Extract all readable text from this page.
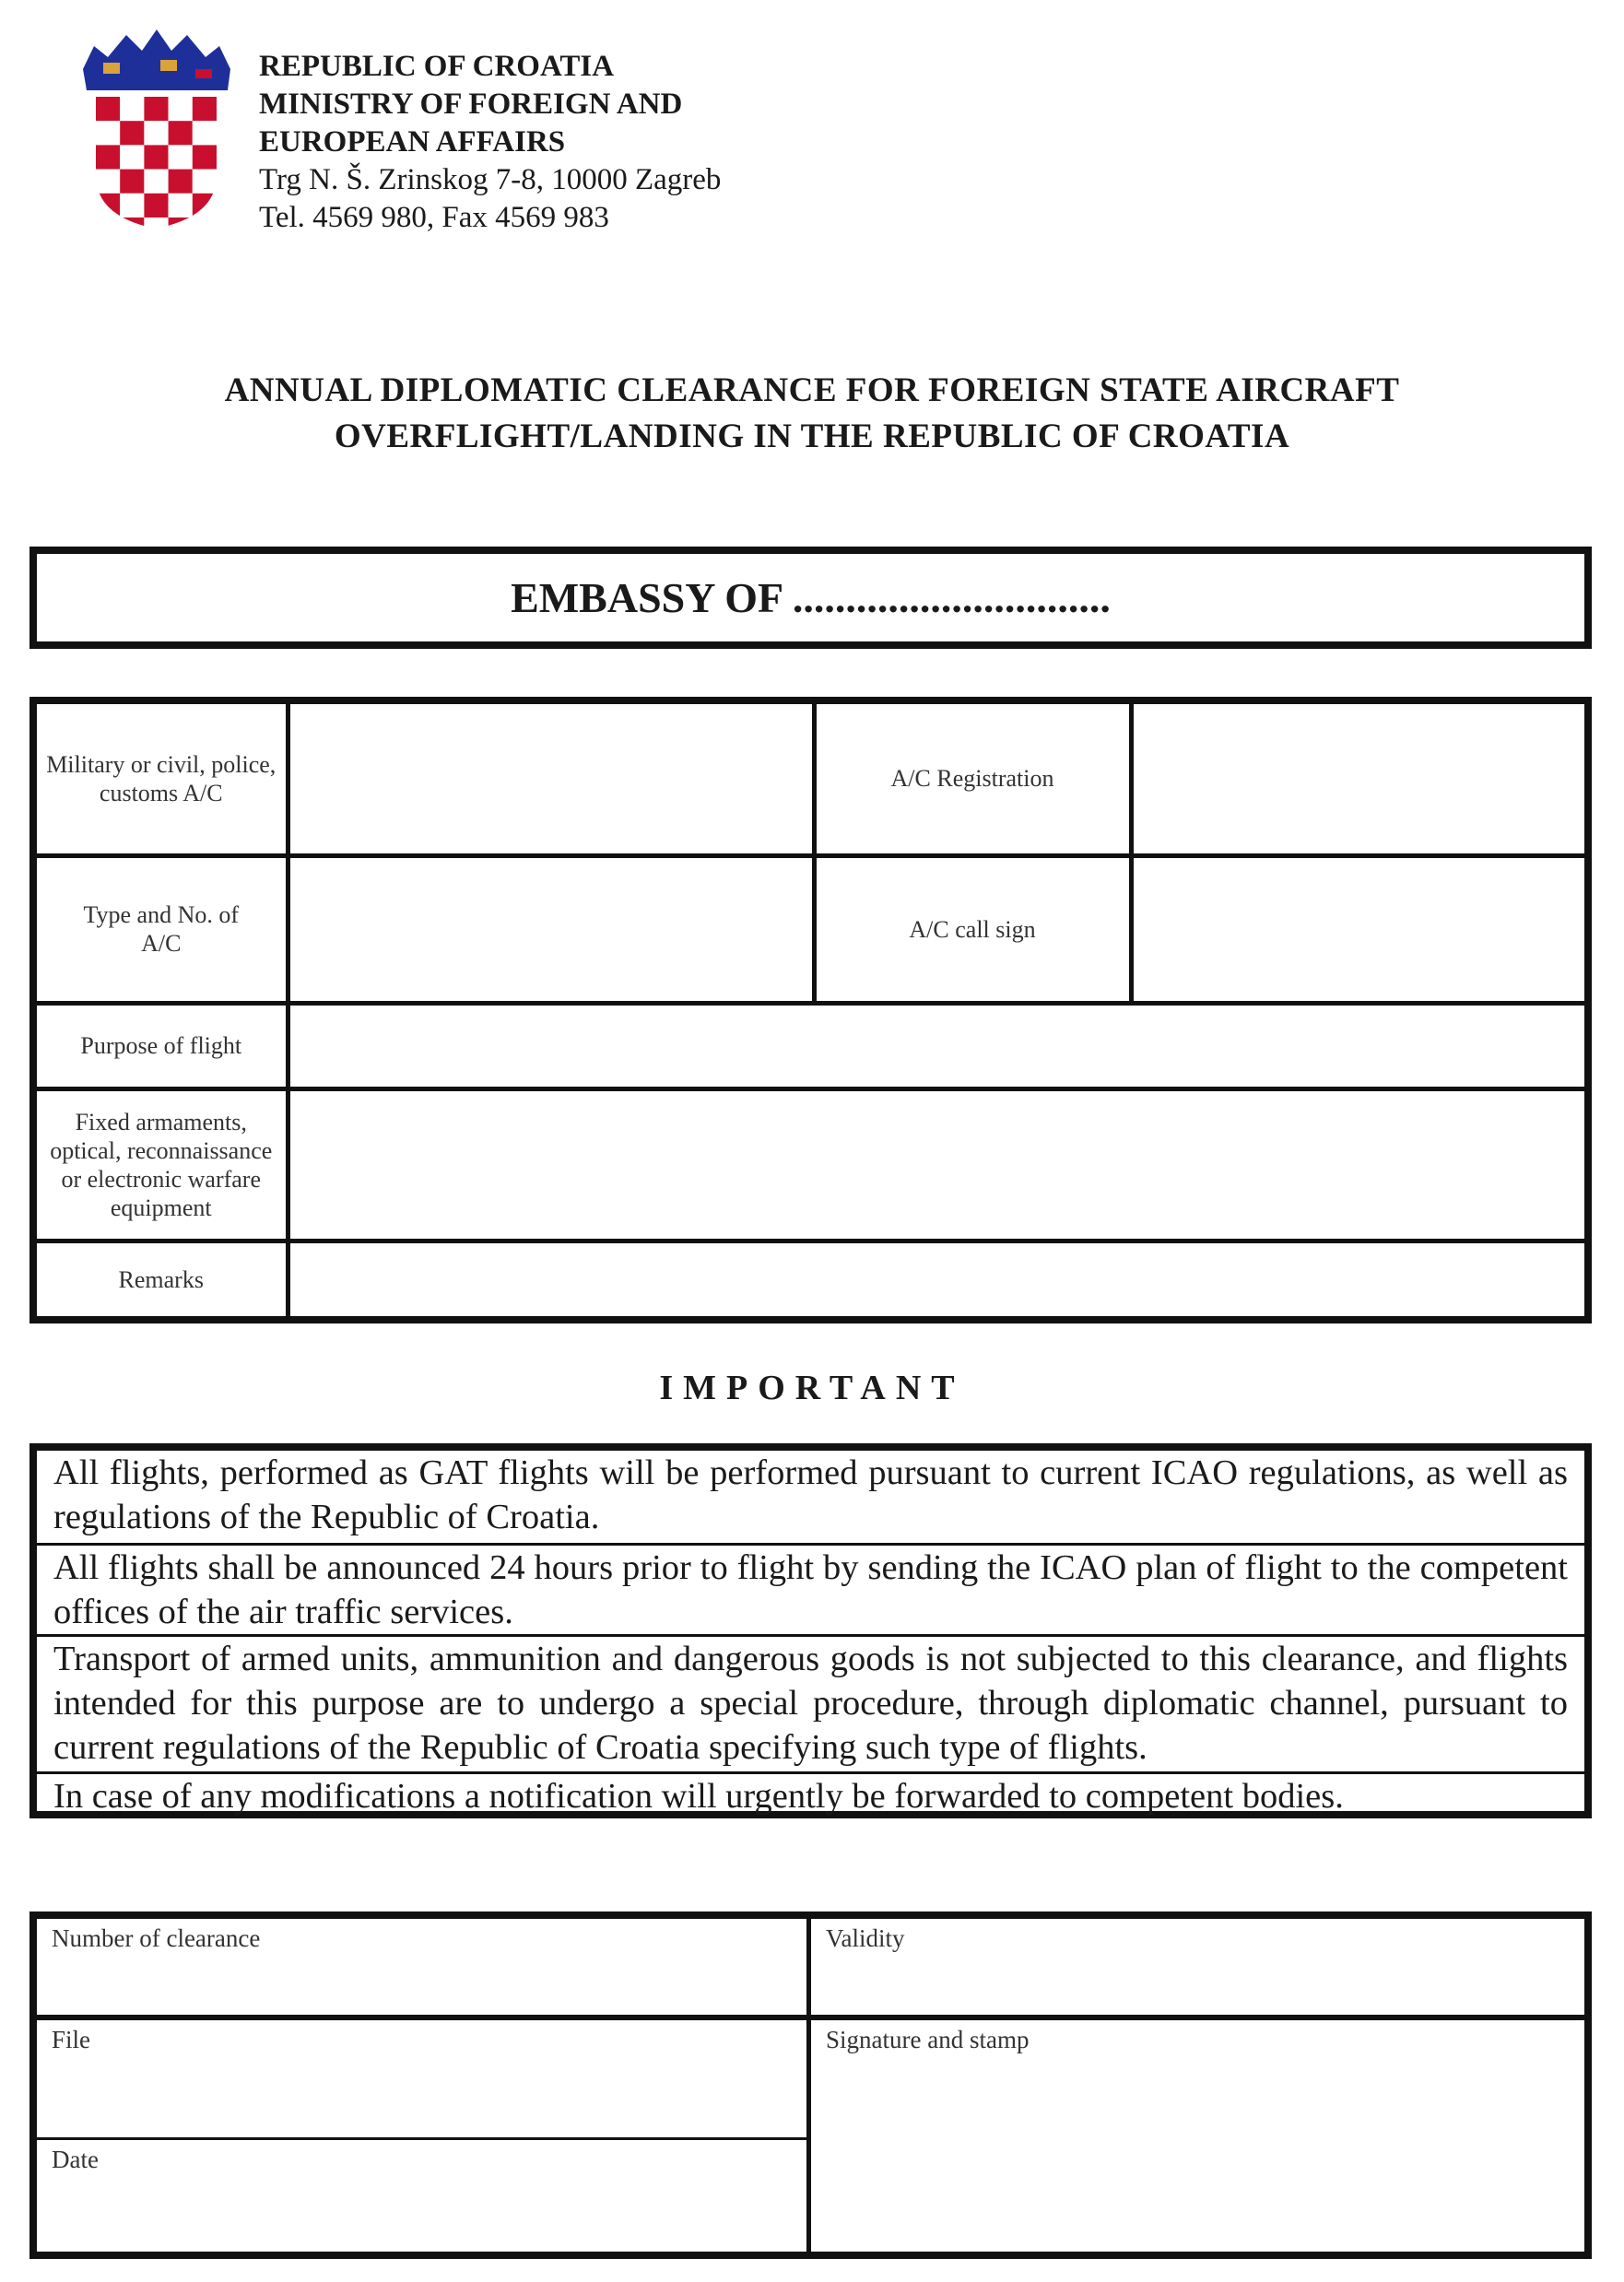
REPUBLIC OF CROATIA
MINISTRY OF FOREIGN AND
EUROPEAN AFFAIRS
Trg N. Š. Zrinskog 7-8, 10000 Zagreb
Tel. 4569 980, Fax 4569 983
ANNUAL DIPLOMATIC CLEARANCE FOR FOREIGN STATE AIRCRAFT
OVERFLIGHT/LANDING IN THE REPUBLIC OF CROATIA
EMBASSY OF ..............................
Military or civil, police, customs A/C		A/C Registration	
Type and No. of A/C		A/C call sign	
Purpose of flight			
Fixed armaments, optical, reconnaissance or electronic warfare equipment			
Remarks			
IMPORTANT
All flights, performed as GAT flights will be performed pursuant to current ICAO regulations, as well as regulations of the Republic of Croatia.
All flights shall be announced 24 hours prior to flight by sending the ICAO plan of flight to the competent offices of the air traffic services.
Transport of armed units, ammunition and dangerous goods is not subjected to this clearance, and flights intended for this purpose are to undergo a special procedure, through diplomatic channel, pursuant to current regulations of the Republic of Croatia specifying such type of flights.
In case of any modifications a notification will urgently be forwarded to competent bodies.
Number of clearance	Validity
File	Signature and stamp
Date
